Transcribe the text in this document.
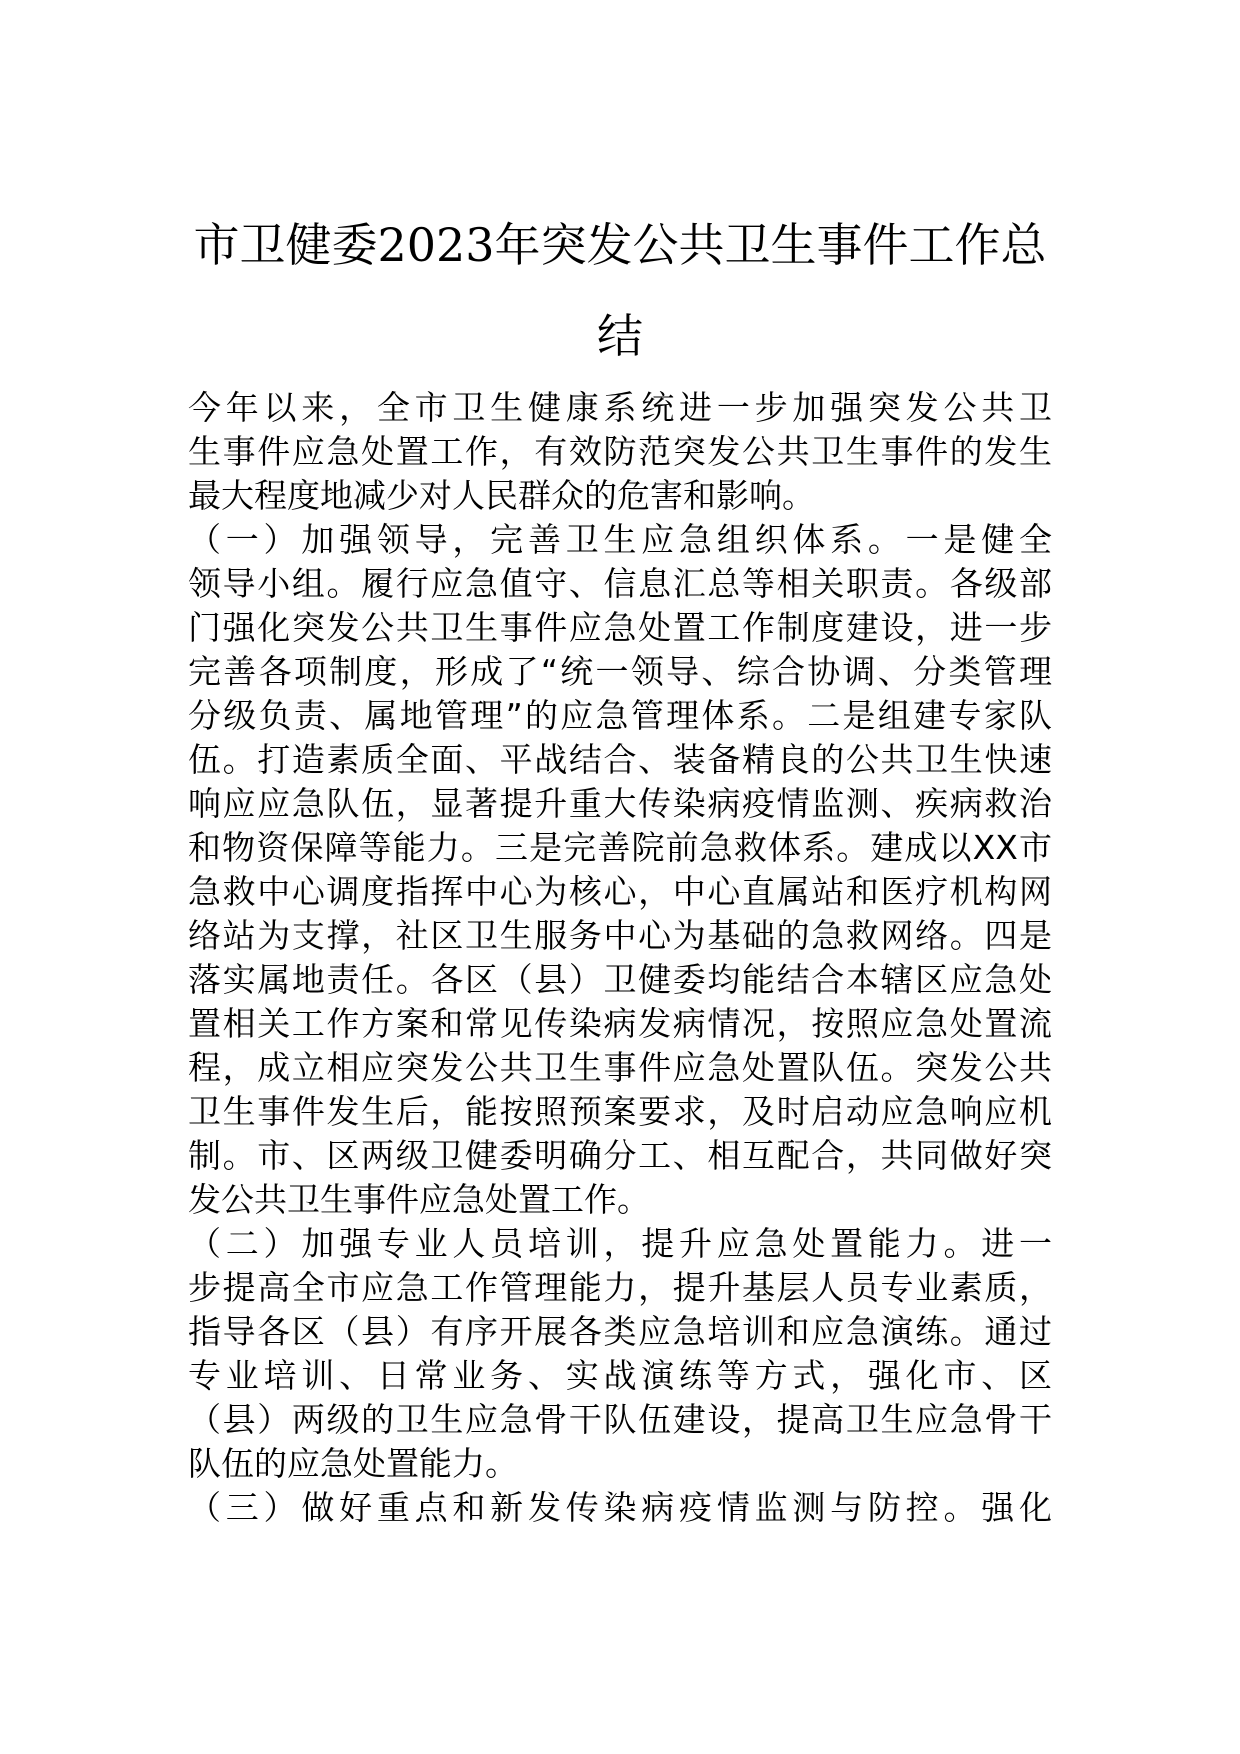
市卫健委2023年突发公共卫生事件工作总
结
今年以来，全市卫生健康系统进一步加强突发公共卫
生事件应急处置工作，有效防范突发公共卫生事件的发生
最大程度地减少对人民群众的危害和影响。
（一）加强领导，完善卫生应急组织体系。一是健全
领导小组。履行应急值守、信息汇总等相关职责。各级部
门强化突发公共卫生事件应急处置工作制度建设，进一步
完善各项制度，形成了“统一领导、综合协调、分类管理
分级负责、属地管理”的应急管理体系。二是组建专家队
伍。打造素质全面、平战结合、装备精良的公共卫生快速
响应应急队伍，显著提升重大传染病疫情监测、疾病救治
和物资保障等能力。三是完善院前急救体系。建成以XX市
急救中心调度指挥中心为核心，中心直属站和医疗机构网
络站为支撑，社区卫生服务中心为基础的急救网络。四是
落实属地责任。各区（县）卫健委均能结合本辖区应急处
置相关工作方案和常见传染病发病情况，按照应急处置流
程，成立相应突发公共卫生事件应急处置队伍。突发公共
卫生事件发生后，能按照预案要求，及时启动应急响应机
制。市、区两级卫健委明确分工、相互配合，共同做好突
发公共卫生事件应急处置工作。
（二）加强专业人员培训，提升应急处置能力。进一
步提高全市应急工作管理能力，提升基层人员专业素质，
指导各区（县）有序开展各类应急培训和应急演练。通过
专业培训、日常业务、实战演练等方式，强化市、区
（县）两级的卫生应急骨干队伍建设，提高卫生应急骨干
队伍的应急处置能力。
（三）做好重点和新发传染病疫情监测与防控。强化
